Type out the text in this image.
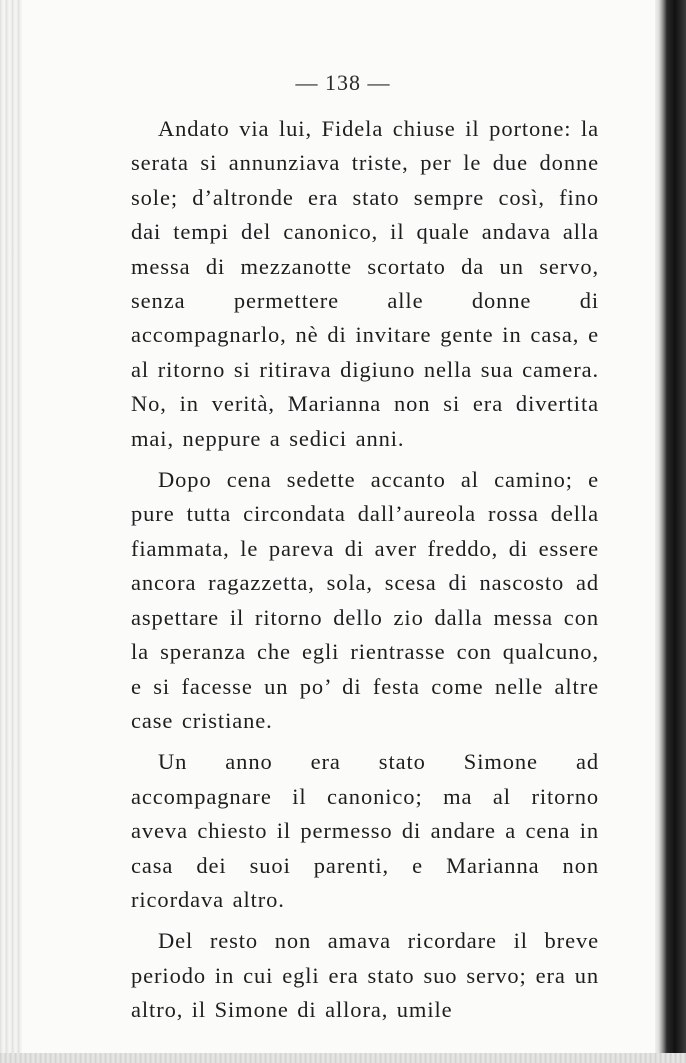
— 138 —

Andato via lui, Fidela chiuse il portone: la serata si annunziava triste, per le due donne sole; d’altronde era stato sempre così, fino dai tempi del canonico, il quale andava alla messa di mezzanotte scortato da un servo, senza permettere alle donne di accompagnarlo, nè di invitare gente in casa, e al ritorno si ritirava digiuno nella sua camera. No, in verità, Marianna non si era divertita mai, neppure a sedici anni.

Dopo cena sedette accanto al camino; e pure tutta circondata dall’aureola rossa della fiammata, le pareva di aver freddo, di essere ancora ragazzetta, sola, scesa di nascosto ad aspettare il ritorno dello zio dalla messa con la speranza che egli rientrasse con qualcuno, e si facesse un po’ di festa come nelle altre case cristiane.

Un anno era stato Simone ad accompagnare il canonico; ma al ritorno aveva chiesto il permesso di andare a cena in casa dei suoi parenti, e Marianna non ricordava altro.

Del resto non amava ricordare il breve periodo in cui egli era stato suo servo; era un altro, il Simone di allora, umile
